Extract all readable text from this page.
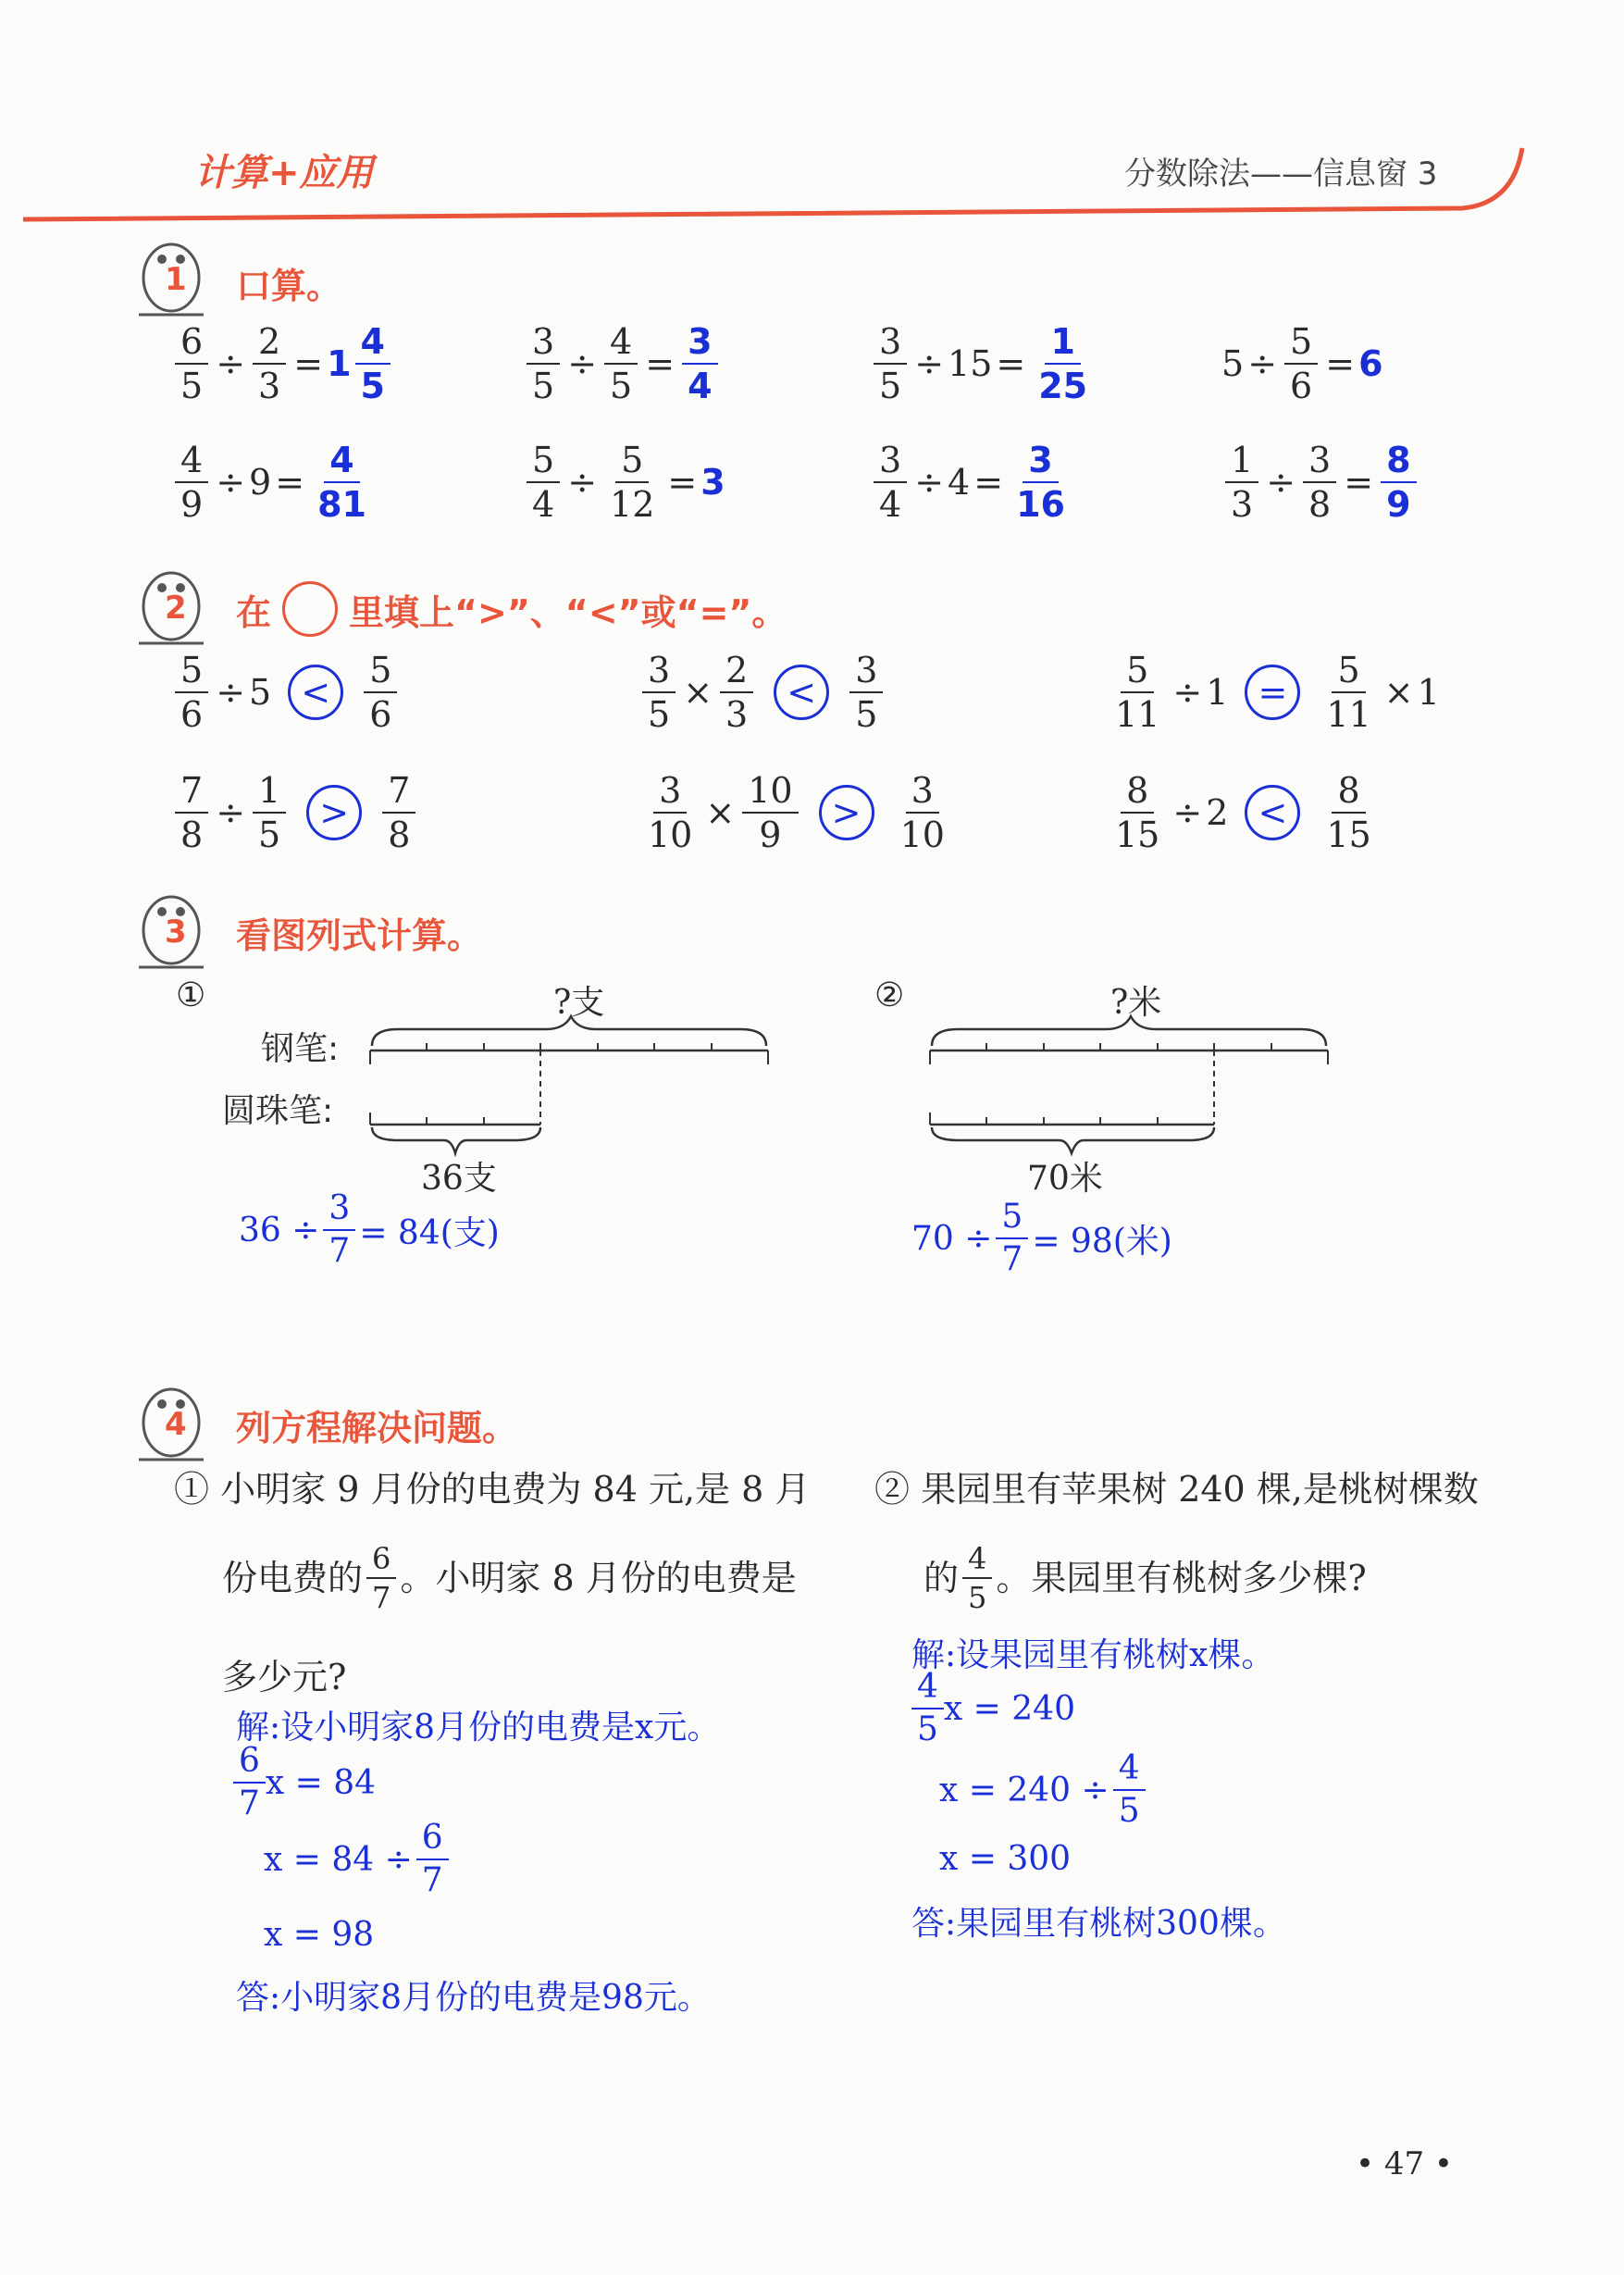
计算+应用	分数除法——信息窗 3
1 口算。
$\frac{6}{5} \div \frac{2}{3} = 1 \frac{4}{5}$	$\frac{3}{5} \div \frac{4}{5} = \frac{3}{4}$	$\frac{3}{5} \div 15 = \frac{1}{25}$	$5 \div \frac{5}{6} = 6$
$\frac{4}{9} \div 9 = \frac{4}{81}$	$\frac{5}{4} \div \frac{5}{12} = 3$	$\frac{3}{4} \div 4 = \frac{3}{16}$	$\frac{1}{3} \div \frac{3}{8} = \frac{8}{9}$
2 在 里填上“>”、“<”或“=”。
$\frac{5}{6} \div 5 < \frac{5}{6}$	$\frac{3}{5} \times \frac{2}{3} < \frac{3}{5}$	$\frac{5}{11} \div 1 = \frac{5}{11} \times 1$
$\frac{7}{8} \div \frac{1}{5} > \frac{7}{8}$	$\frac{3}{10} \times \frac{10}{9} > \frac{3}{10}$	$\frac{8}{15} \div 2 < \frac{8}{15}$
3 看图列式计算。
①	?支
钢笔:
圆珠笔:
36支
$36 \div \frac{3}{7} = 84$(支)
②	?米
70米
$70 \div \frac{5}{7} = 98$(米)
4 列方程解决问题。
① 小明家 9 月份的电费为 84 元,是 8 月
份电费的 $\frac{6}{7}$ 。小明家 8 月份的电费是
多少元?
解:设小明家8月份的电费是x元。
$\frac{6}{7}$ x = 84
$x = 84 \div \frac{6}{7}$
x = 98
答:小明家8月份的电费是98元。
② 果园里有苹果树 240 棵,是桃树棵数
的 $\frac{4}{5}$ 。果园里有桃树多少棵?
解:设果园里有桃树x棵。
$\frac{4}{5}$ x = 240
$x = 240 \div \frac{4}{5}$
x = 300
答:果园里有桃树300棵。
• 47 •
